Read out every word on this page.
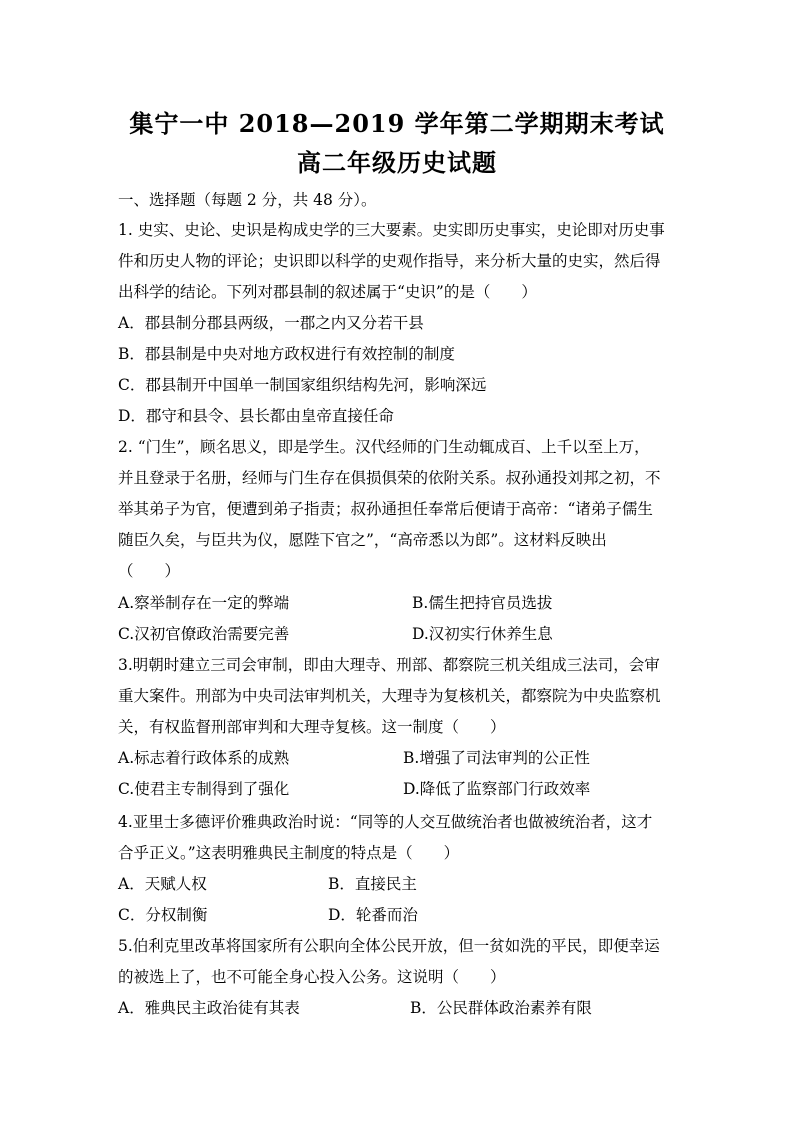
集宁一中 2018—2019 学年第二学期期末考试
高二年级历史试题
一、选择题（每题 2 分，共 48 分）。
1. 史实、史论、史识是构成史学的三大要素。史实即历史事实，史论即对历史事
件和历史人物的评论；史识即以科学的史观作指导，来分析大量的史实，然后得
出科学的结论。下列对郡县制的叙述属于“史识”的是（　　）
A．郡县制分郡县两级，一郡之内又分若干县
B．郡县制是中央对地方政权进行有效控制的制度
C．郡县制开中国单一制国家组织结构先河，影响深远
D．郡守和县令、县长都由皇帝直接任命
2. “门生”，顾名思义，即是学生。汉代经师的门生动辄成百、上千以至上万，
并且登录于名册，经师与门生存在俱损俱荣的依附关系。叔孙通投刘邦之初，不
举其弟子为官，便遭到弟子指责；叔孙通担任奉常后便请于高帝：“诸弟子儒生
随臣久矣，与臣共为仪，愿陛下官之”，“高帝悉以为郎”。这材料反映出
（　　）
A.察举制存在一定的弊端	B.儒生把持官员选拔
C.汉初官僚政治需要完善	D.汉初实行休养生息
3.明朝时建立三司会审制，即由大理寺、刑部、都察院三机关组成三法司，会审
重大案件。刑部为中央司法审判机关，大理寺为复核机关，都察院为中央监察机
关，有权监督刑部审判和大理寺复核。这一制度（　　）
A.标志着行政体系的成熟	B.增强了司法审判的公正性
C.使君主专制得到了强化	D.降低了监察部门行政效率
4.亚里士多德评价雅典政治时说：“同等的人交互做统治者也做被统治者，这才
合乎正义。”这表明雅典民主制度的特点是（　　）
A．天赋人权	B．直接民主
C．分权制衡	D．轮番而治
5.伯利克里改革将国家所有公职向全体公民开放，但一贫如洗的平民，即便幸运
的被选上了，也不可能全身心投入公务。这说明（　　）
A．雅典民主政治徒有其表	B．公民群体政治素养有限
